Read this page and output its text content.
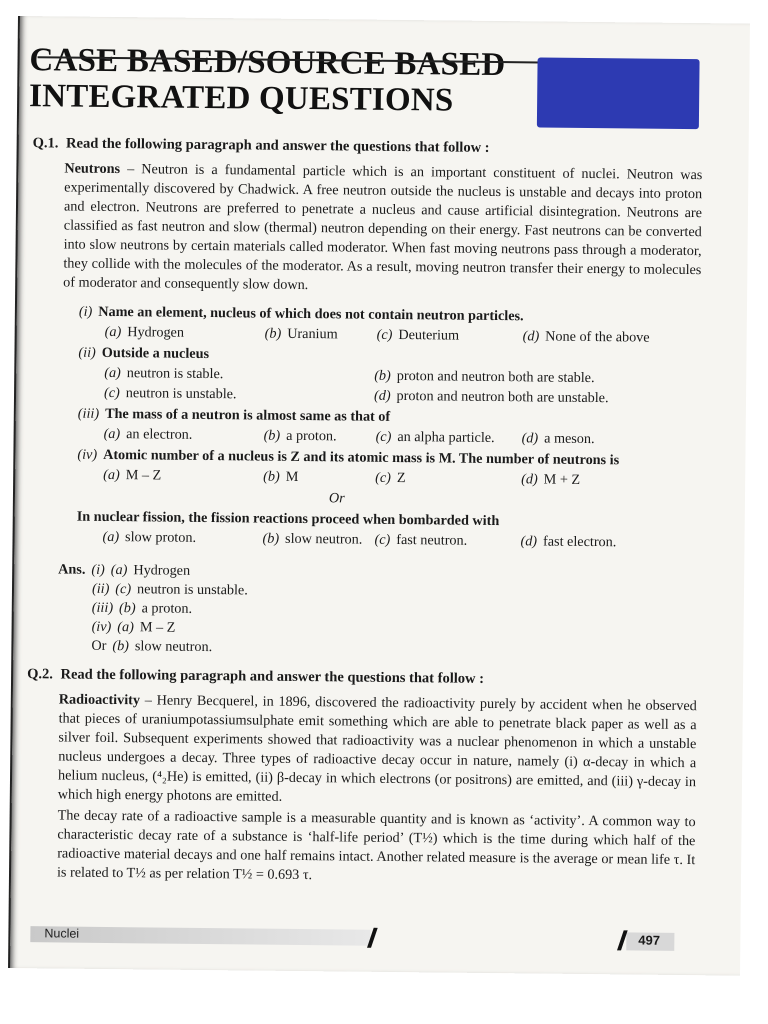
CASE BASED/SOURCE BASED
INTEGRATED QUESTIONS
Q.1. Read the following paragraph and answer the questions that follow :

Neutrons – Neutron is a fundamental particle which is an important constituent of nuclei. Neutron was experimentally discovered by Chadwick. A free neutron outside the nucleus is unstable and decays into proton and electron. Neutrons are preferred to penetrate a nucleus and cause artificial disintegration. Neutrons are classified as fast neutron and slow (thermal) neutron depending on their energy. Fast neutrons can be converted into slow neutrons by certain materials called moderator. When fast moving neutrons pass through a moderator, they collide with the molecules of the moderator. As a result, moving neutron transfer their energy to molecules of moderator and consequently slow down.

(i) Name an element, nucleus of which does not contain neutron particles.
(a) Hydrogen	(b) Uranium	(c) Deuterium	(d) None of the above
(ii) Outside a nucleus
(a) neutron is stable.	(b) proton and neutron both are stable.
(c) neutron is unstable.	(d) proton and neutron both are unstable.
(iii) The mass of a neutron is almost same as that of
(a) an electron.	(b) a proton.	(c) an alpha particle.	(d) a meson.
(iv) Atomic number of a nucleus is Z and its atomic mass is M. The number of neutrons is
(a) M – Z	(b) M	(c) Z	(d) M + Z
Or
In nuclear fission, the fission reactions proceed when bombarded with
(a) slow proton.	(b) slow neutron. (c) fast neutron.	(d) fast electron.
Ans. (i) (a) Hydrogen
(ii) (c) neutron is unstable.
(iii) (b) a proton.
(iv) (a) M – Z
Or (b) slow neutron.
Q.2. Read the following paragraph and answer the questions that follow :

Radioactivity – Henry Becquerel, in 1896, discovered the radioactivity purely by accident when he observed that pieces of uraniumpotassiumsulphate emit something which are able to penetrate black paper as well as a silver foil. Subsequent experiments showed that radioactivity was a nuclear phenomenon in which a unstable nucleus undergoes a decay. Three types of radioactive decay occur in nature, namely (i) α-decay in which a helium nucleus, (⁴₂He) is emitted, (ii) β-decay in which electrons (or positrons) are emitted, and (iii) γ-decay in which high energy photons are emitted.

The decay rate of a radioactive sample is a measurable quantity and is known as ‘activity’. A common way to characteristic decay rate of a substance is ‘half-life period’ (T½) which is the time during which half of the radioactive material decays and one half remains intact. Another related measure is the average or mean life τ. It is related to T½ as per relation T½ = 0.693 τ.

Nuclei	497
